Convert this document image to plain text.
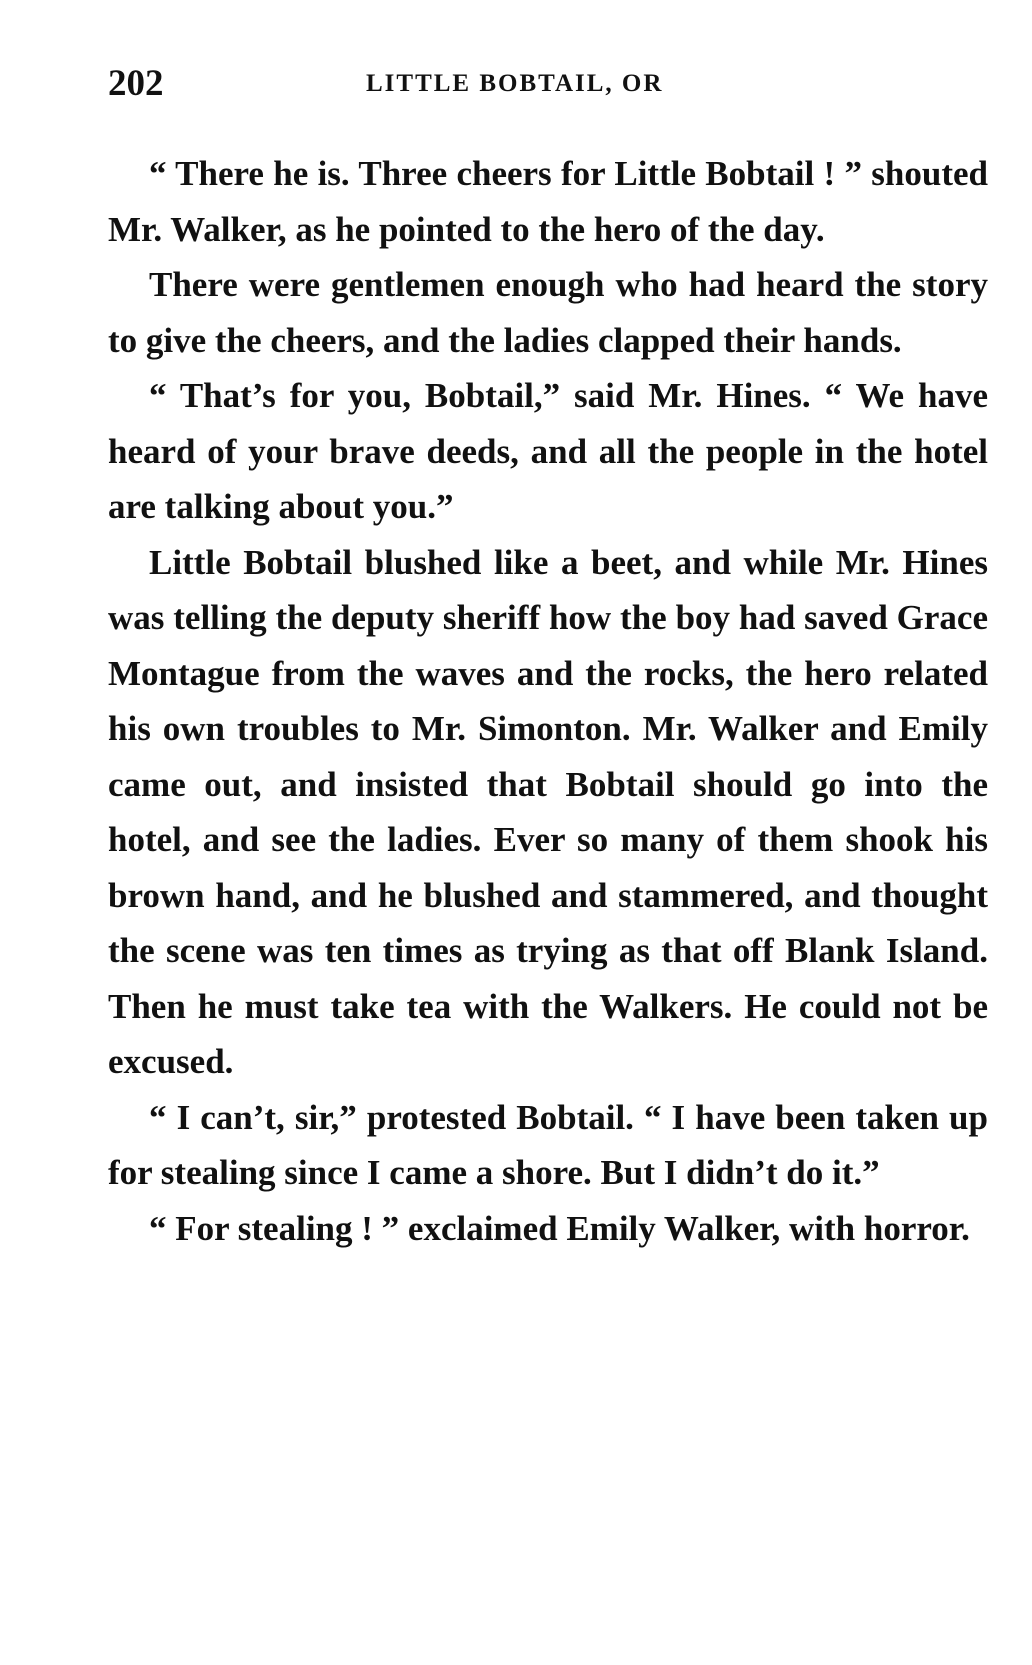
202	LITTLE BOBTAIL, OR

“ There he is. Three cheers for Little Bobtail ! ” shouted Mr. Walker, as he pointed to the hero of the day.

There were gentlemen enough who had heard the story to give the cheers, and the ladies clapped their hands.

“ That’s for you, Bobtail,” said Mr. Hines. “ We have heard of your brave deeds, and all the people in the hotel are talking about you.”

Little Bobtail blushed like a beet, and while Mr. Hines was telling the deputy sheriff how the boy had saved Grace Montague from the waves and the rocks, the hero related his own troubles to Mr. Simonton. Mr. Walker and Emily came out, and insisted that Bobtail should go into the hotel, and see the ladies. Ever so many of them shook his brown hand, and he blushed and stammered, and thought the scene was ten times as trying as that off Blank Island. Then he must take tea with the Walkers. He could not be excused.

“ I can’t, sir,” protested Bobtail. “ I have been taken up for stealing since I came a shore. But I didn’t do it.”

“ For stealing ! ” exclaimed Emily Walker, with horror.
